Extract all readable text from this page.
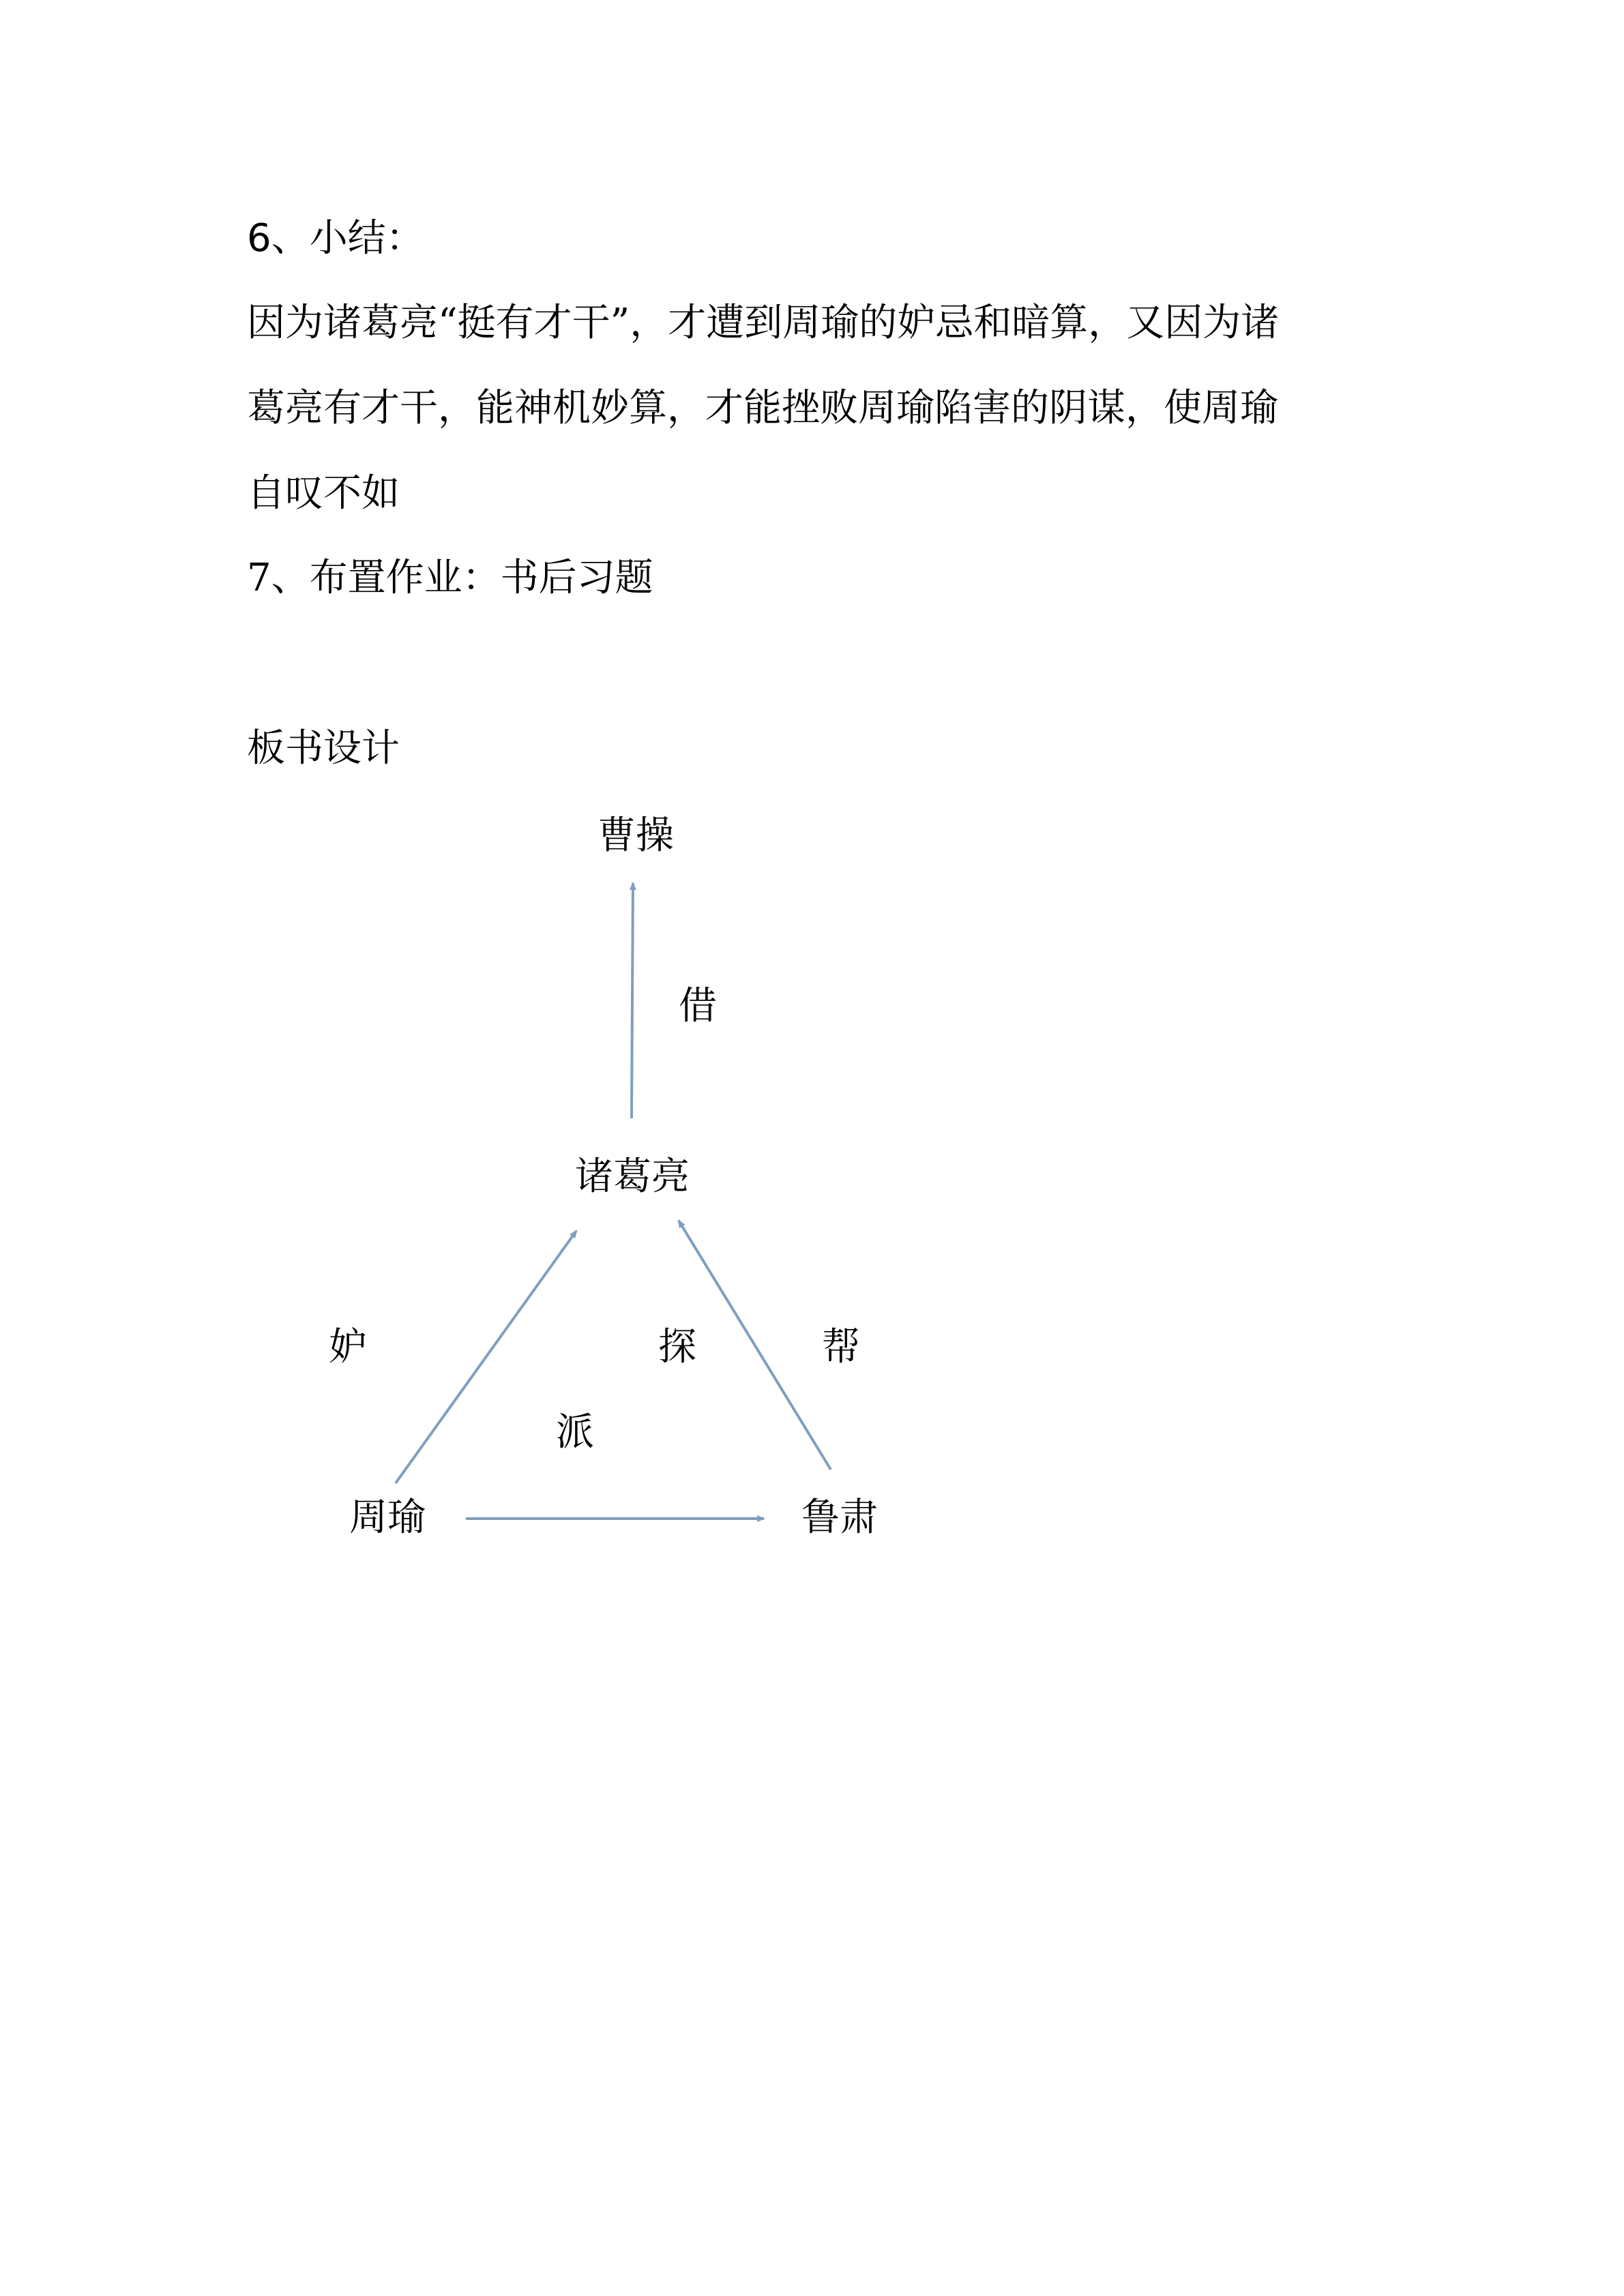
6、小结：
因为诸葛亮“挺有才干”，才遭到周瑜的妒忌和暗算，又因为诸
葛亮有才干，能神机妙算，才能挫败周瑜陷害的阴谋，使周瑜
自叹不如
7、布置作业：书后习题
板书设计
曹操
诸葛亮
周瑜	鲁肃
借
妒	探	帮
派
